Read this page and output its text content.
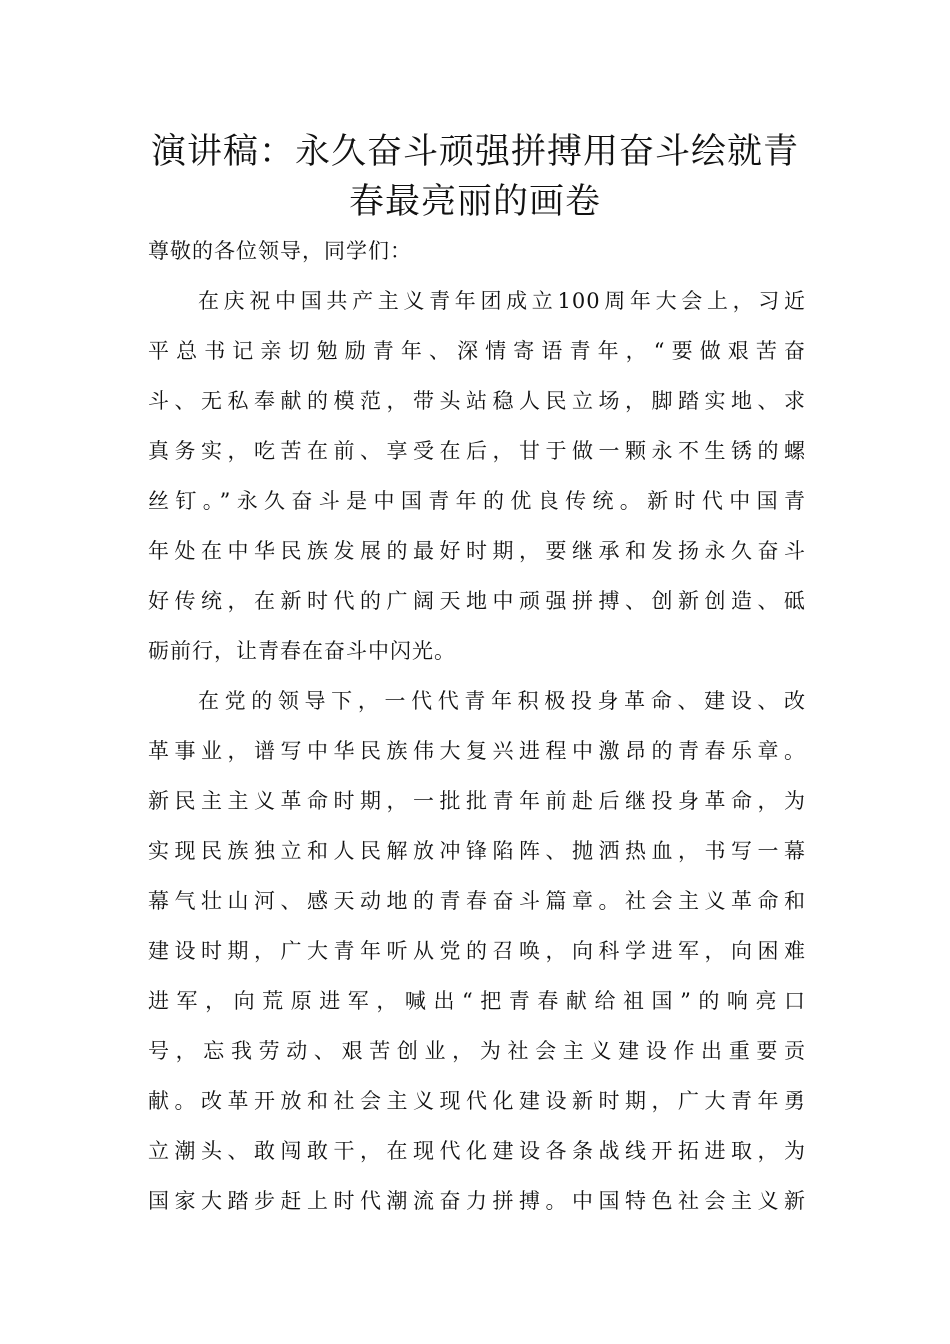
演讲稿：永久奋斗顽强拼搏用奋斗绘就青
春最亮丽的画卷
尊敬的各位领导，同学们：
在庆祝中国共产主义青年团成立100周年大会上，习近
平总书记亲切勉励青年、深情寄语青年，“要做艰苦奋
斗、无私奉献的模范，带头站稳人民立场，脚踏实地、求
真务实，吃苦在前、享受在后，甘于做一颗永不生锈的螺
丝钉。”永久奋斗是中国青年的优良传统。新时代中国青
年处在中华民族发展的最好时期，要继承和发扬永久奋斗
好传统，在新时代的广阔天地中顽强拼搏、创新创造、砥
砺前行，让青春在奋斗中闪光。
在党的领导下，一代代青年积极投身革命、建设、改
革事业，谱写中华民族伟大复兴进程中激昂的青春乐章。
新民主主义革命时期，一批批青年前赴后继投身革命，为
实现民族独立和人民解放冲锋陷阵、抛洒热血，书写一幕
幕气壮山河、感天动地的青春奋斗篇章。社会主义革命和
建设时期，广大青年听从党的召唤，向科学进军，向困难
进军，向荒原进军，喊出“把青春献给祖国”的响亮口
号，忘我劳动、艰苦创业，为社会主义建设作出重要贡
献。改革开放和社会主义现代化建设新时期，广大青年勇
立潮头、敢闯敢干，在现代化建设各条战线开拓进取，为
国家大踏步赶上时代潮流奋力拼搏。中国特色社会主义新
